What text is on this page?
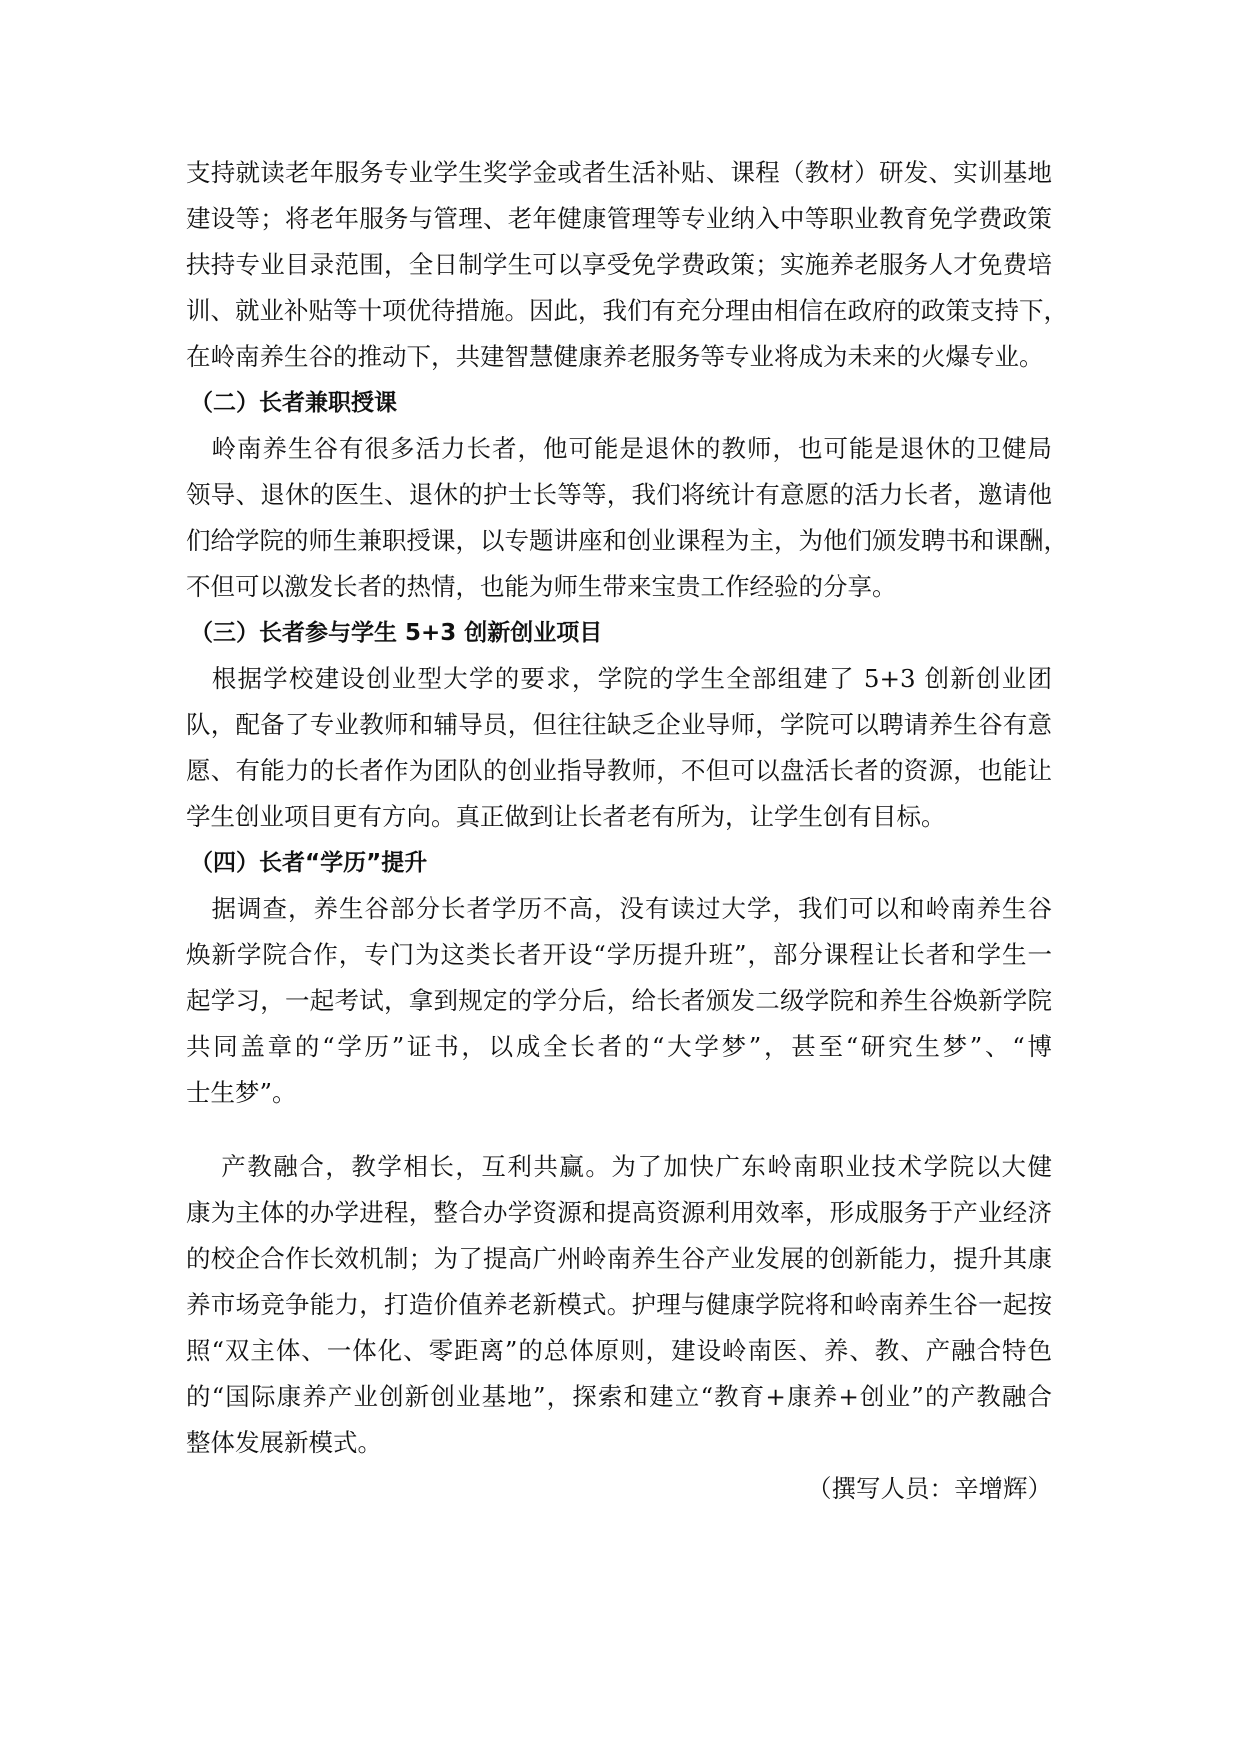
支持就读老年服务专业学生奖学金或者生活补贴、课程（教材）研发、实训基地
建设等；将老年服务与管理、老年健康管理等专业纳入中等职业教育免学费政策
扶持专业目录范围，全日制学生可以享受免学费政策；实施养老服务人才免费培
训、就业补贴等十项优待措施。因此，我们有充分理由相信在政府的政策支持下，
在岭南养生谷的推动下，共建智慧健康养老服务等专业将成为未来的火爆专业。
（二）长者兼职授课
　岭南养生谷有很多活力长者，他可能是退休的教师，也可能是退休的卫健局
领导、退休的医生、退休的护士长等等，我们将统计有意愿的活力长者，邀请他
们给学院的师生兼职授课，以专题讲座和创业课程为主，为他们颁发聘书和课酬，
不但可以激发长者的热情，也能为师生带来宝贵工作经验的分享。
（三）长者参与学生 5+3 创新创业项目
　根据学校建设创业型大学的要求，学院的学生全部组建了 5+3 创新创业团
队，配备了专业教师和辅导员，但往往缺乏企业导师，学院可以聘请养生谷有意
愿、有能力的长者作为团队的创业指导教师，不但可以盘活长者的资源，也能让
学生创业项目更有方向。真正做到让长者老有所为，让学生创有目标。
（四）长者“学历”提升
　据调查，养生谷部分长者学历不高，没有读过大学，我们可以和岭南养生谷
焕新学院合作，专门为这类长者开设“学历提升班”，部分课程让长者和学生一
起学习，一起考试，拿到规定的学分后，给长者颁发二级学院和养生谷焕新学院
共同盖章的“学历”证书，以成全长者的“大学梦”，甚至“研究生梦”、“博
士生梦”。
　 产教融合，教学相长，互利共赢。为了加快广东岭南职业技术学院以大健
康为主体的办学进程，整合办学资源和提高资源利用效率，形成服务于产业经济
的校企合作长效机制；为了提高广州岭南养生谷产业发展的创新能力，提升其康
养市场竞争能力，打造价值养老新模式。护理与健康学院将和岭南养生谷一起按
照“双主体、一体化、零距离”的总体原则，建设岭南医、养、教、产融合特色
的“国际康养产业创新创业基地”，探索和建立“教育+康养+创业”的产教融合
整体发展新模式。
（撰写人员：辛增辉）
